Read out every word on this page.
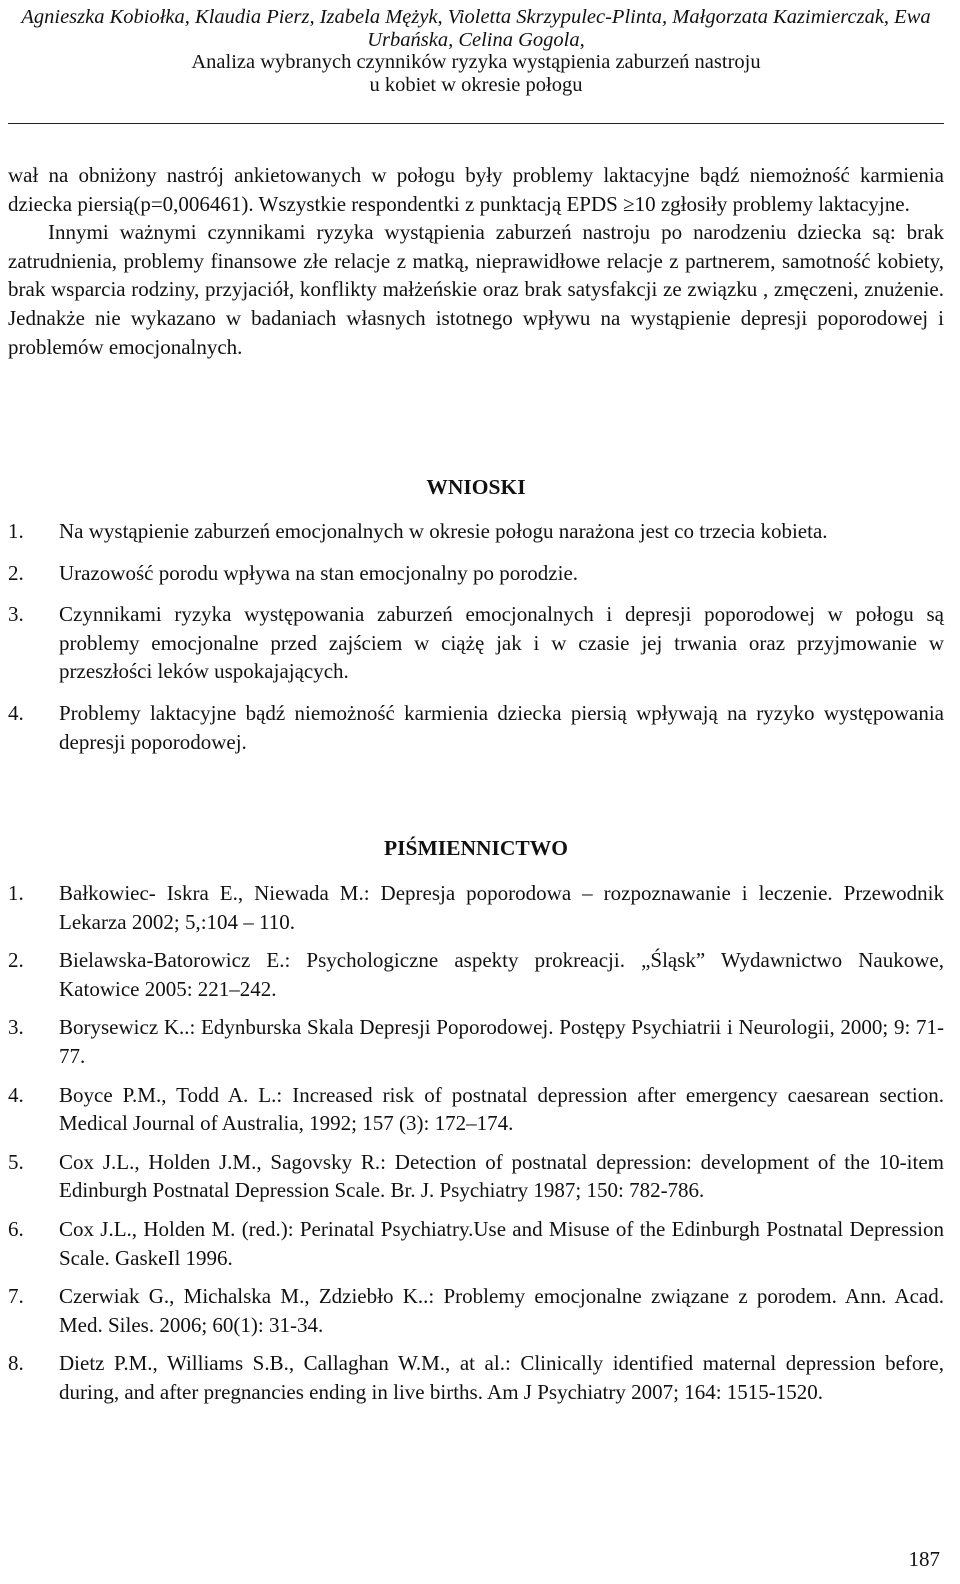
Agnieszka Kobiołka, Klaudia Pierz, Izabela Mężyk, Violetta Skrzypulec-Plinta, Małgorzata Kazimierczak, Ewa Urbańska, Celina Gogola,
Analiza wybranych czynników ryzyka wystąpienia zaburzeń nastroju
u kobiet w okresie połogu

wał na obniżony nastrój ankietowanych w połogu były problemy laktacyjne bądź niemożność karmienia dziecka piersią(p=0,006461). Wszystkie respondentki z punktacją EPDS ≥10 zgłosiły problemy laktacyjne.

Innymi ważnymi czynnikami ryzyka wystąpienia zaburzeń nastroju po narodzeniu dziecka są: brak zatrudnienia, problemy finansowe złe relacje z matką, nieprawidłowe relacje z partnerem, samotność kobiety, brak wsparcia rodziny, przyjaciół, konflikty małżeńskie oraz brak satysfakcji ze związku , zmęczeni, znużenie. Jednakże nie wykazano w badaniach własnych istotnego wpływu na wystąpienie depresji poporodowej i problemów emocjonalnych.

WNIOSKI
1. Na wystąpienie zaburzeń emocjonalnych w okresie połogu narażona jest co trzecia kobieta.
2. Urazowość porodu wpływa na stan emocjonalny po porodzie.
3. Czynnikami ryzyka występowania zaburzeń emocjonalnych i depresji poporodowej w połogu są problemy emocjonalne przed zajściem w ciążę jak i w czasie jej trwania oraz przyjmowanie w przeszłości leków uspokajających.
4. Problemy laktacyjne bądź niemożność karmienia dziecka piersią wpływają na ryzyko występowania depresji poporodowej.
PIŚMIENNICTWO
1. Bałkowiec- Iskra E., Niewada M.: Depresja poporodowa – rozpoznawanie i leczenie. Przewodnik Lekarza 2002; 5,:104 – 110.
2. Bielawska-Batorowicz E.: Psychologiczne aspekty prokreacji. „Śląsk” Wydawnictwo Naukowe, Katowice 2005: 221–242.
3. Borysewicz K..: Edynburska Skala Depresji Poporodowej. Postępy Psychiatrii i Neurologii, 2000; 9: 71-77.
4. Boyce P.M., Todd A. L.: Increased risk of postnatal depression after emergency caesarean section. Medical Journal of Australia, 1992; 157 (3): 172–174.
5. Cox J.L., Holden J.M., Sagovsky R.: Detection of postnatal depression: development of the 10-item Edinburgh Postnatal Depression Scale. Br. J. Psychiatry 1987; 150: 782-786.
6. Cox J.L., Holden M. (red.): Perinatal Psychiatry.Use and Misuse of the Edinburgh Postnatal Depression Scale. GaskeIl 1996.
7. Czerwiak G., Michalska M., Zdziebło K..: Problemy emocjonalne związane z porodem. Ann. Acad. Med. Siles. 2006; 60(1): 31-34.
8. Dietz P.M., Williams S.B., Callaghan W.M., at al.: Clinically identified maternal depression before, during, and after pregnancies ending in live births. Am J Psychiatry 2007; 164: 1515-1520.
187
